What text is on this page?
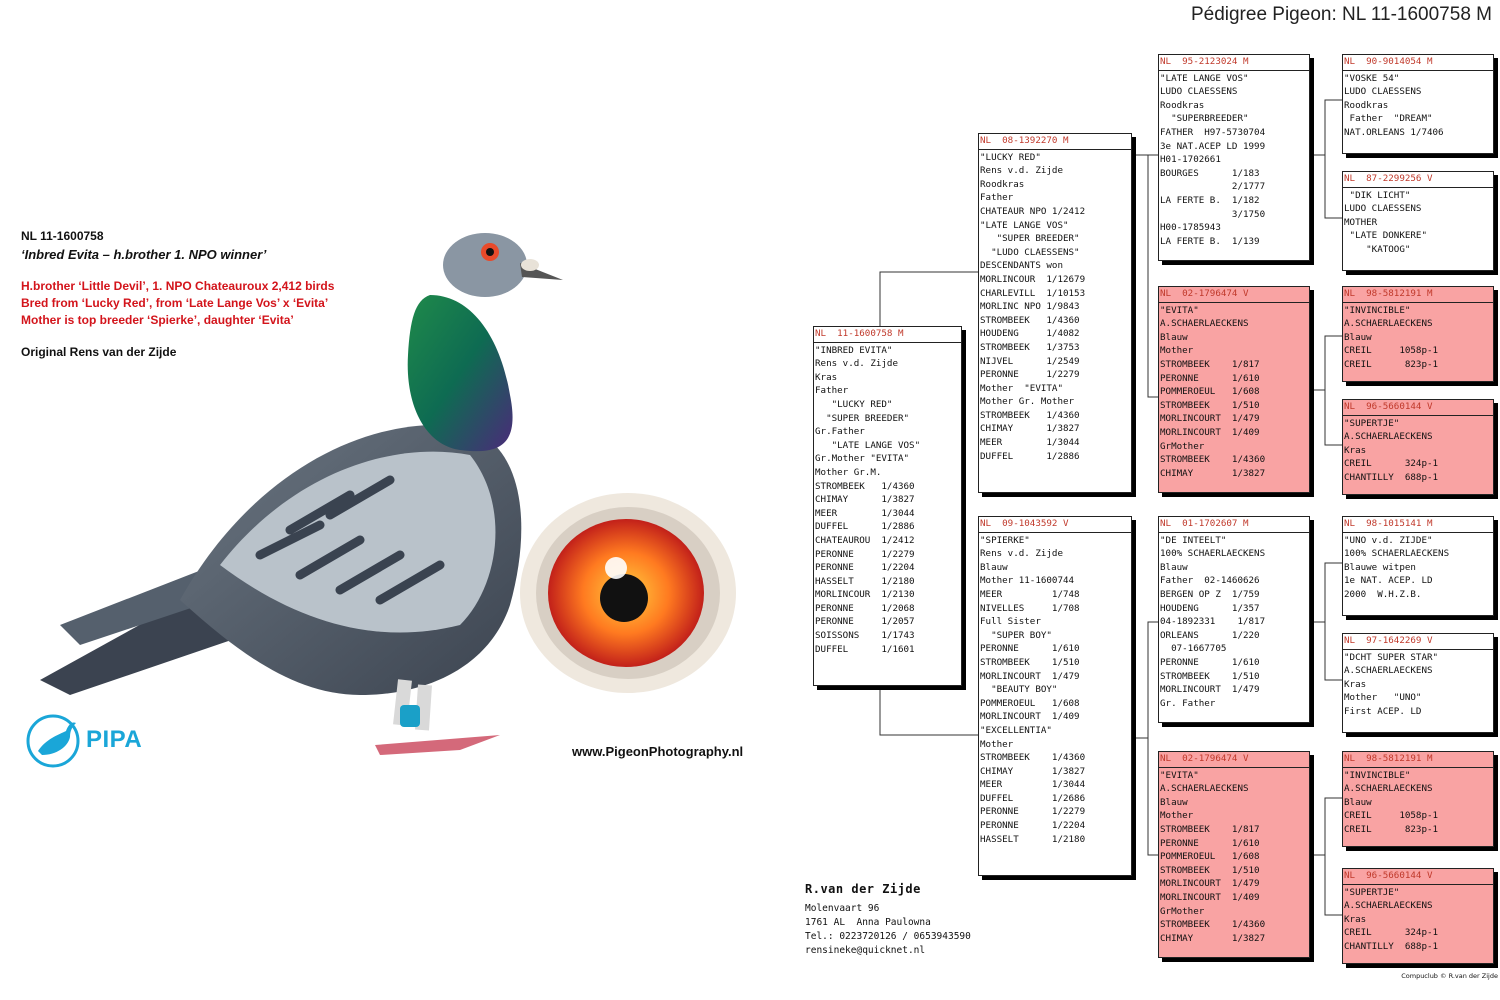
Pédigree Pigeon: NL 11-1600758 M
NL 11-1600758
‘Inbred Evita – h.brother 1. NPO winner’
H.brother ‘Little Devil’, 1. NPO Chateauroux 2,412 birds
Bred from ‘Lucky Red’, from ‘Late Lange Vos’ x ‘Evita’
Mother is top breeder ‘Spierke’, daughter ‘Evita’
Original Rens van der Zijde
PIPA	www.PigeonPhotography.nl
NL  11-1600758 M
"INBRED EVITA"
Rens v.d. Zijde
Kras
Father
"LUCKY RED"
"SUPER BREEDER"
Gr.Father
"LATE LANGE VOS"
Gr.Mother "EVITA"
Mother Gr.M.
STROMBEEK   1/4360
CHIMAY      1/3827
MEER        1/3044
DUFFEL      1/2886
CHATEAUROU  1/2412
PERONNE     1/2279
PERONNE     1/2204
HASSELT     1/2180
MORLINCOUR  1/2130
PERONNE     1/2068
PERONNE     1/2057
SOISSONS    1/1743
DUFFEL      1/1601
NL  08-1392270 M
"LUCKY RED"
Rens v.d. Zijde
Roodkras
Father
CHATEAUR NPO 1/2412
"LATE LANGE VOS"
"SUPER BREEDER"
"LUDO CLAESSENS"
DESCENDANTS won
MORLINCOUR  1/12679
CHARLEVILL  1/10153
MORLINC NPO 1/9843
STROMBEEK   1/4360
HOUDENG     1/4082
STROMBEEK   1/3753
NIJVEL      1/2549
PERONNE     1/2279
Mother  "EVITA"
Mother Gr. Mother
STROMBEEK   1/4360
CHIMAY      1/3827
MEER        1/3044
DUFFEL      1/2886
NL  09-1043592 V
"SPIERKE"
Rens v.d. Zijde
Blauw
Mother 11-1600744
MEER         1/748
NIVELLES     1/708
Full Sister
"SUPER BOY"
PERONNE      1/610
STROMBEEK    1/510
MORLINCOURT  1/479
"BEAUTY BOY"
POMMEROEUL   1/608
MORLINCOURT  1/409
"EXCELLENTIA"
Mother
STROMBEEK    1/4360
CHIMAY       1/3827
MEER         1/3044
DUFFEL       1/2686
PERONNE      1/2279
PERONNE      1/2204
HASSELT      1/2180
NL  95-2123024 M
"LATE LANGE VOS"
LUDO CLAESSENS
Roodkras
"SUPERBREEDER"
FATHER  H97-5730704
3e NAT.ACEP LD 1999
H01-1702661
BOURGES      1/183
2/1777
LA FERTE B.  1/182
3/1750
H00-1785943
LA FERTE B.  1/139
NL  02-1796474 V
"EVITA"
A.SCHAERLAECKENS
Blauw
Mother
STROMBEEK    1/817
PERONNE      1/610
POMMEROEUL   1/608
STROMBEEK    1/510
MORLINCOURT  1/479
MORLINCOURT  1/409
GrMother
STROMBEEK    1/4360
CHIMAY       1/3827
NL  01-1702607 M
"DE INTEELT"
100% SCHAERLAECKENS
Blauw
Father  02-1460626
BERGEN OP Z  1/759
HOUDENG      1/357
04-1892331    1/817
ORLEANS      1/220
07-1667705
PERONNE      1/610
STROMBEEK    1/510
MORLINCOURT  1/479
Gr. Father
NL  02-1796474 V
"EVITA"
A.SCHAERLAECKENS
Blauw
Mother
STROMBEEK    1/817
PERONNE      1/610
POMMEROEUL   1/608
STROMBEEK    1/510
MORLINCOURT  1/479
MORLINCOURT  1/409
GrMother
STROMBEEK    1/4360
CHIMAY       1/3827
NL  90-9014054 M
"VOSKE 54"
LUDO CLAESSENS
Roodkras
Father  "DREAM"
NAT.ORLEANS 1/7406
NL  87-2299256 V
"DIK LICHT"
LUDO CLAESSENS
MOTHER
"LATE DONKERE"
"KATOOG"
NL  98-5812191 M
"INVINCIBLE"
A.SCHAERLAECKENS
Blauw
CREIL     1058p-1
CREIL      823p-1
NL  96-5660144 V
"SUPERTJE"
A.SCHAERLAECKENS
Kras
CREIL      324p-1
CHANTILLY  688p-1
NL  98-1015141 M
"UNO v.d. ZIJDE"
100% SCHAERLAECKENS
Blauwe witpen
1e NAT. ACEP. LD
2000  W.H.Z.B.
NL  97-1642269 V
"DCHT SUPER STAR"
A.SCHAERLAECKENS
Kras
Mother   "UNO"
First ACEP. LD
NL  98-5812191 M
"INVINCIBLE"
A.SCHAERLAECKENS
Blauw
CREIL     1058p-1
CREIL      823p-1
NL  96-5660144 V
"SUPERTJE"
A.SCHAERLAECKENS
Kras
CREIL      324p-1
CHANTILLY  688p-1
R.van der Zijde
Molenvaart 96
1761 AL  Anna Paulowna
Tel.: 0223720126 / 0653943590
rensineke@quicknet.nl
Compuclub © R.van der Zijde
